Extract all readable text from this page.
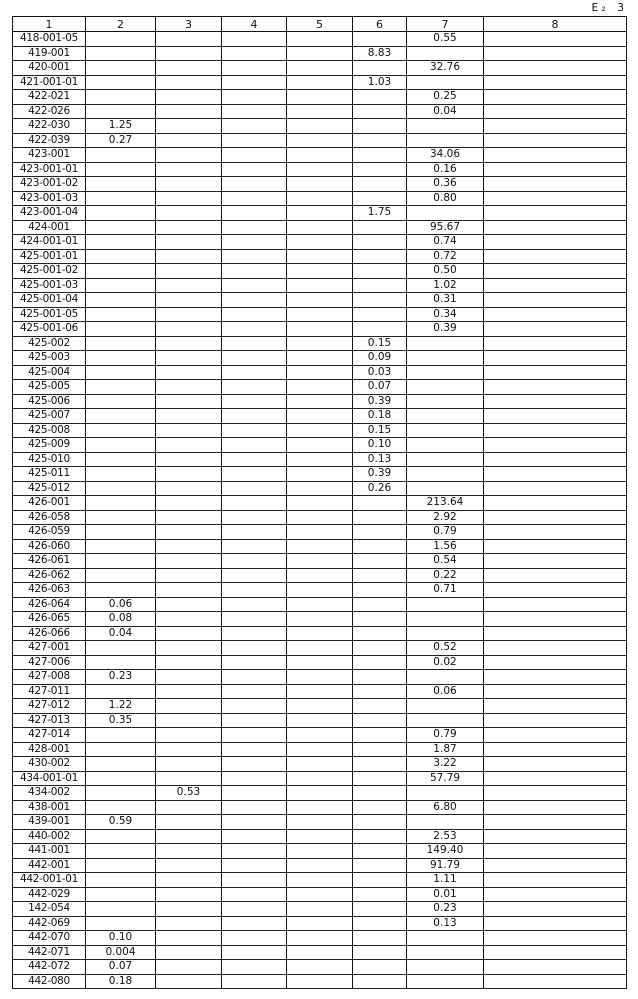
E₂ 3
1	2	3	4	5	6	7	8
418-001-05						0.55	
419-001					8.83		
420-001						32.76	
421-001-01					1.03		
422-021						0.25	
422-026						0.04	
422-030	1.25						
422-039	0.27						
423-001						34.06	
423-001-01						0.16	
423-001-02						0.36	
423-001-03						0.80	
423-001-04					1.75		
424-001						95.67	
424-001-01						0.74	
425-001-01						0.72	
425-001-02						0.50	
425-001-03						1.02	
425-001-04						0.31	
425-001-05						0.34	
425-001-06						0.39	
425-002					0.15		
425-003					0.09		
425-004					0.03		
425-005					0.07		
425-006					0.39		
425-007					0.18		
425-008					0.15		
425-009					0.10		
425-010					0.13		
425-011					0.39		
425-012					0.26		
426-001						213.64	
426-058						2.92	
426-059						0.79	
426-060						1.56	
426-061						0.54	
426-062						0.22	
426-063						0.71	
426-064	0.06						
426-065	0.08						
426-066	0.04						
427-001						0.52	
427-006						0.02	
427-008	0.23						
427-011						0.06	
427-012	1.22						
427-013	0.35						
427-014						0.79	
428-001						1.87	
430-002						3.22	
434-001-01						57.79	
434-002		0.53					
438-001						6.80	
439-001	0.59						
440-002						2.53	
441-001						149.40	
442-001						91.79	
442-001-01						1.11	
442-029						0.01	
142-054						0.23	
442-069						0.13	
442-070	0.10						
442-071	0.004						
442-072	0.07						
442-080	0.18						
